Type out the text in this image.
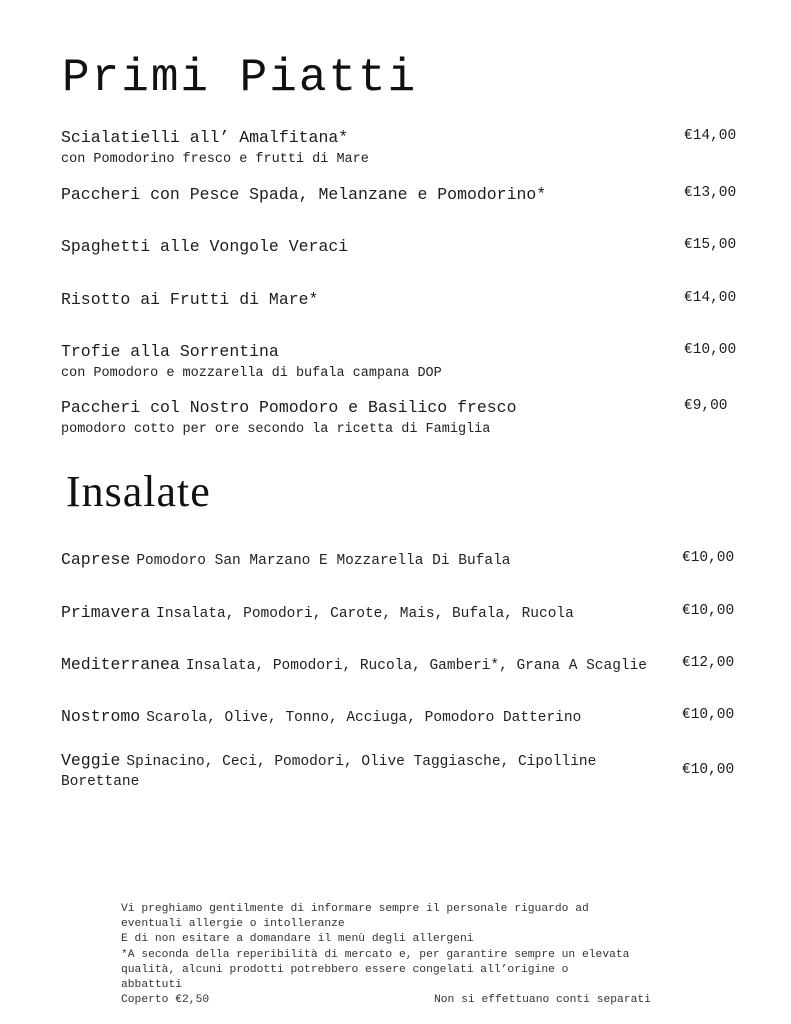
Primi Piatti
Scialatielli all’ Amalfitana*
con Pomodorino fresco e frutti di Mare
€14,00
Paccheri con Pesce Spada, Melanzane e Pomodorino*	€13,00
Spaghetti alle Vongole Veraci	€15,00
Risotto ai Frutti di Mare*	€14,00
Trofie alla Sorrentina
con Pomodoro e mozzarella di bufala campana DOP
€10,00
Paccheri col Nostro Pomodoro e Basilico fresco
pomodoro cotto per ore secondo la ricetta di Famiglia
€9,00
Insalate
Caprese Pomodoro San Marzano E Mozzarella Di Bufala	€10,00
Primavera Insalata, Pomodori, Carote, Mais, Bufala, Rucola	€10,00
Mediterranea Insalata, Pomodori, Rucola, Gamberi*, Grana A Scaglie	€12,00
Nostromo Scarola, Olive, Tonno, Acciuga, Pomodoro Datterino	€10,00
Veggie Spinacino, Ceci, Pomodori, Olive Taggiasche, Cipolline
Borettane
€10,00
Vi preghiamo gentilmente di informare sempre il personale riguardo ad
eventuali allergie o intolleranze
E di non esitare a domandare il menù degli allergeni
*A seconda della reperibilità di mercato e, per garantire sempre un elevata
qualità, alcuni prodotti potrebbero essere congelati all’origine o
abbattuti
Coperto €2,50	Non si effettuano conti separati
